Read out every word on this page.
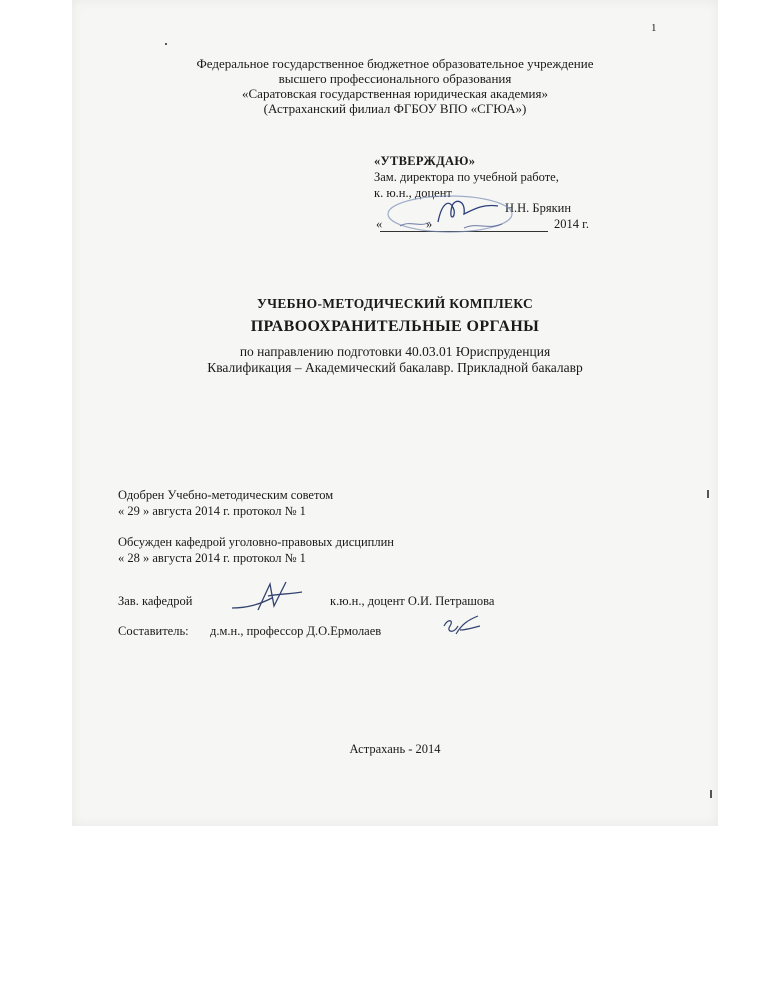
1
Федеральное государственное бюджетное образовательное учреждение
высшего профессионального образования
«Саратовская государственная юридическая академия»
(Астраханский филиал ФГБОУ ВПО «СГЮА»)
«УТВЕРЖДАЮ»
Зам. директора по учебной работе,
к. ю.н., доцент
Н.Н. Брякин
«	»	2014 г.
УЧЕБНО-МЕТОДИЧЕСКИЙ КОМПЛЕКС
ПРАВООХРАНИТЕЛЬНЫЕ ОРГАНЫ
по направлению подготовки 40.03.01 Юриспруденция
Квалификация – Академический бакалавр. Прикладной бакалавр
Одобрен Учебно-методическим советом
« 29 » августа 2014 г. протокол № 1
Обсужден кафедрой уголовно-правовых дисциплин
« 28 » августа 2014 г. протокол № 1
Зав. кафедрой	к.ю.н., доцент О.И. Петрашова
Составитель: д.м.н., профессор Д.О.Ермолаев
Астрахань - 2014
